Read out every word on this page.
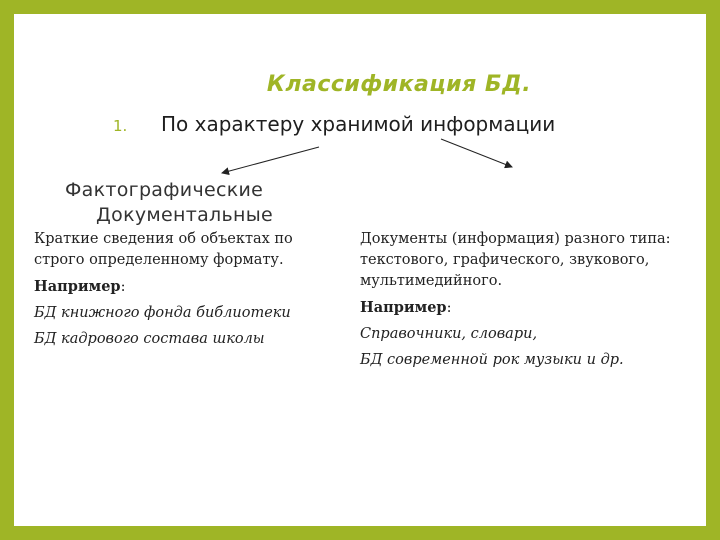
Классификация БД.
1.	По характеру хранимой информации
Фактографические
Документальные

Краткие сведения об объектах по строго определенному формату.

Например:

БД книжного фонда библиотеки

БД кадрового состава школы

Документы (информация) разного типа: текстового, графического, звукового, мультимедийного.

Например:

Справочники, словари,

БД современной рок музыки и др.
